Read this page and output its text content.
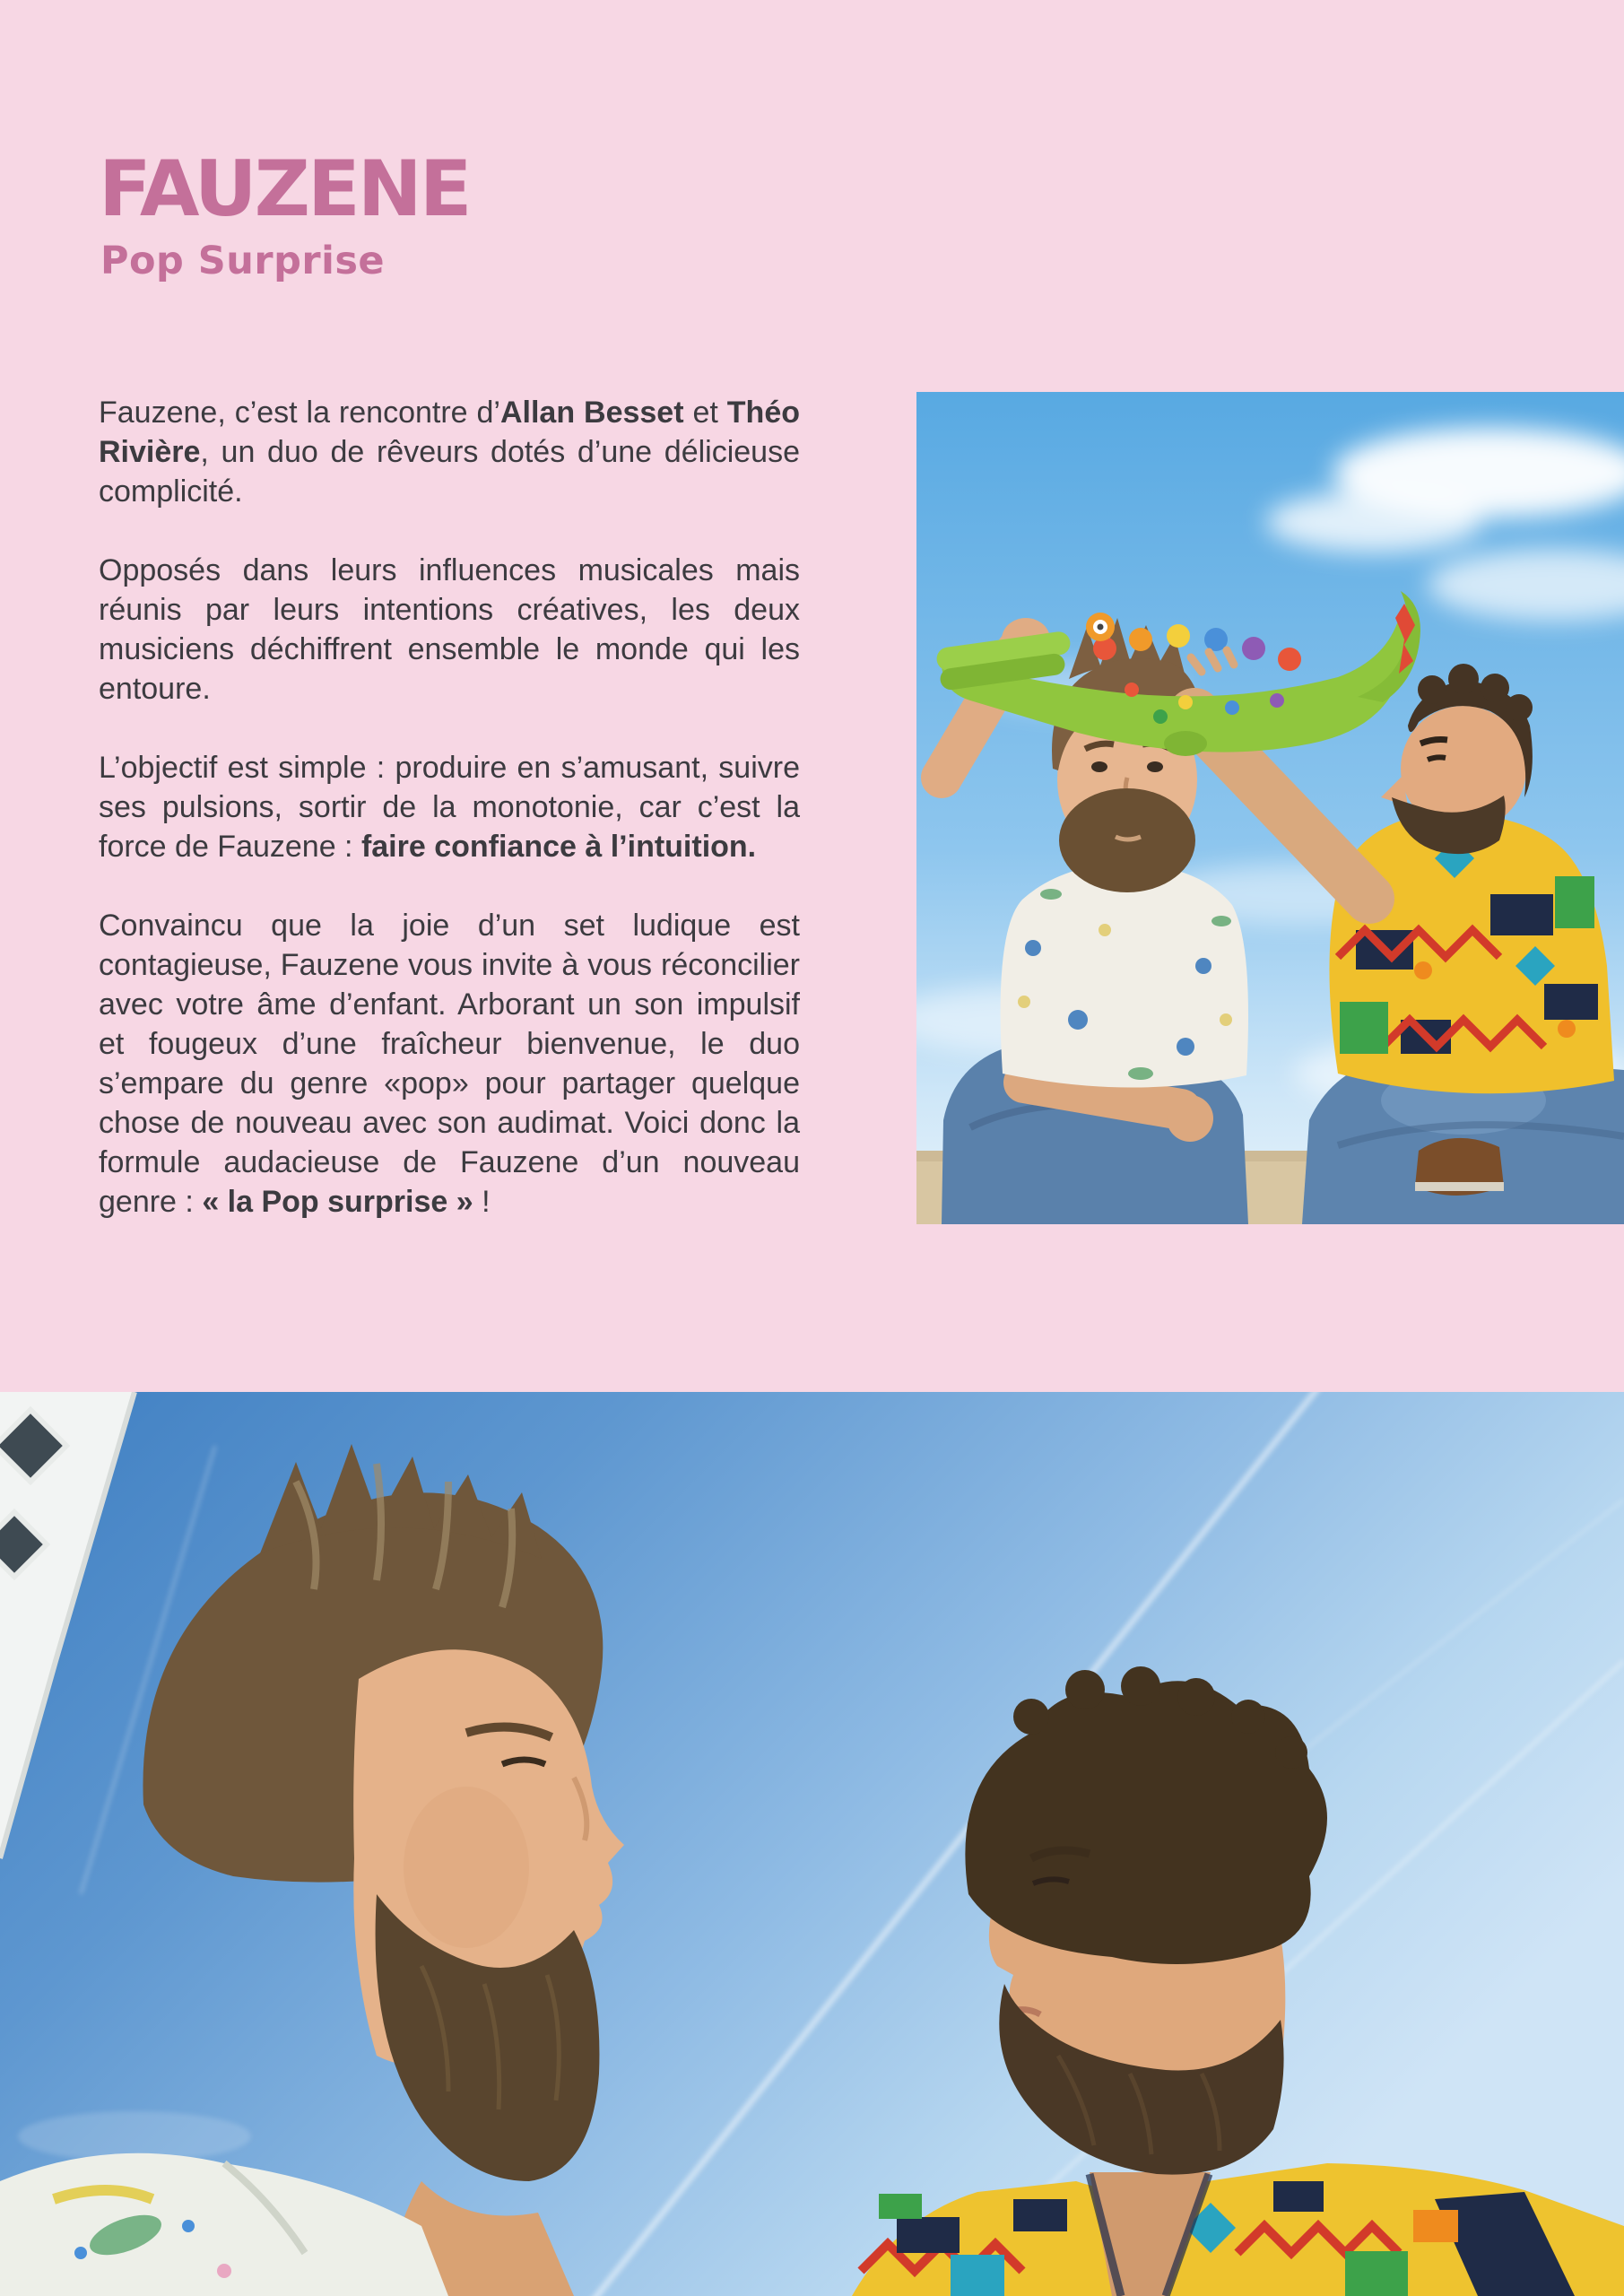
FAUZENE
Pop Surprise

Fauzene, c’est la rencontre d’Allan Besset et Théo Rivière, un duo de rêveurs dotés d’une délicieuse complicité.

Opposés dans leurs influences musicales mais réunis par leurs intentions créatives, les deux musiciens déchiffrent ensemble le monde qui les entoure.

L’objectif est simple : produire en s’amusant, suivre ses pulsions, sortir de la monotonie, car c’est la force de Fauzene : faire confiance à l’intuition.

Convaincu que la joie d’un set ludique est contagieuse, Fauzene vous invite à vous réconcilier avec votre âme d’enfant. Arborant un son impulsif et fougeux d’une fraîcheur bienvenue, le duo s’empare du genre «pop» pour partager quelque chose de nouveau avec son audimat. Voici donc la formule audacieuse de Fauzene d’un nouveau genre : « la Pop surprise » !
